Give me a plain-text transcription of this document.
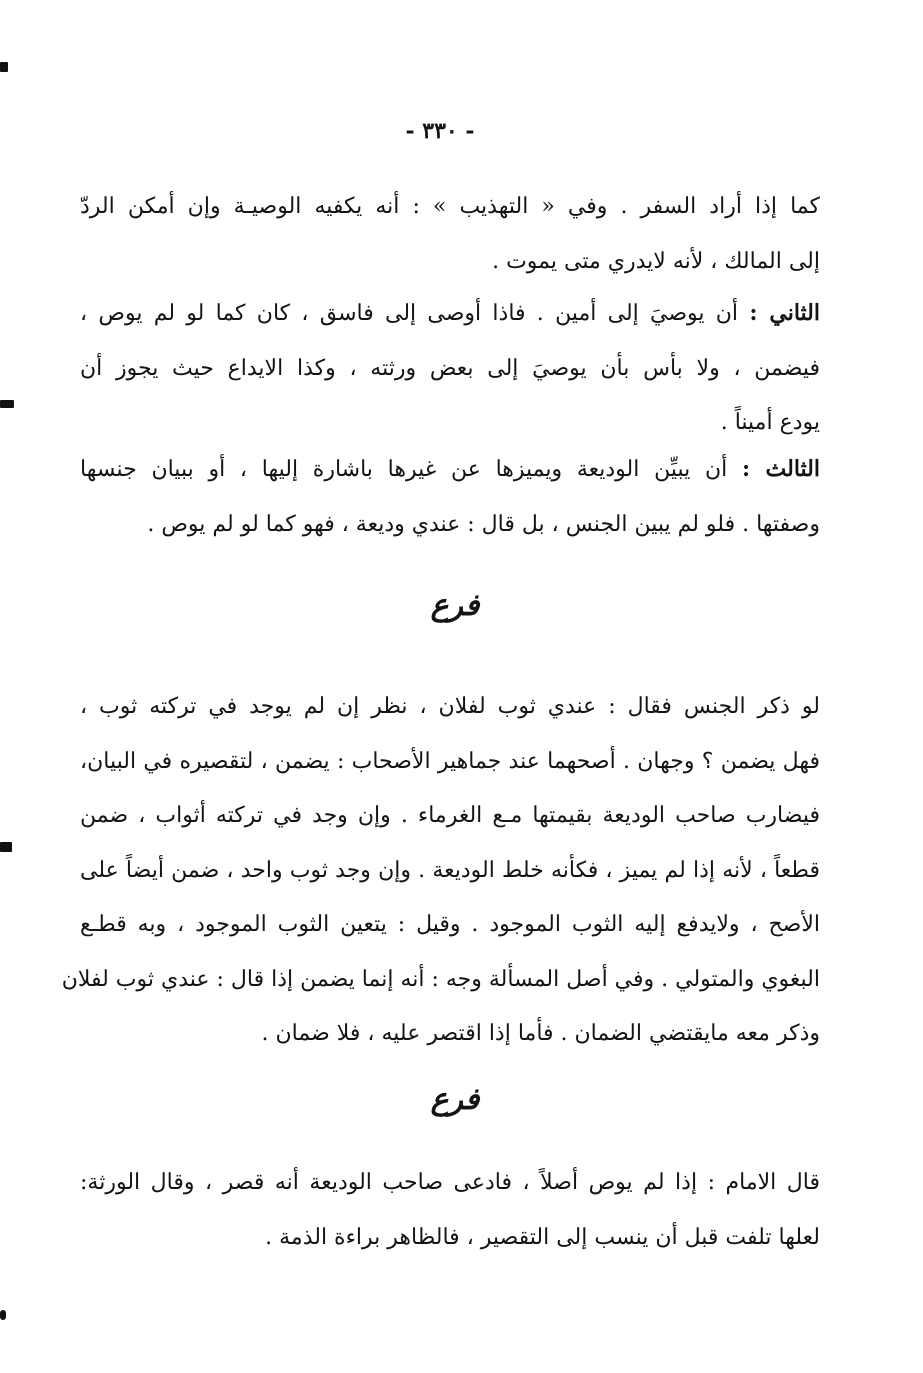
- ٣٣٠ -
كما إذا أراد السفر . وفي « التهذيب » : أنه يكفيه الوصيـة وإن أمكن الردّ
إلى المالك ، لأنه لايدري متى يموت .
الثاني : أن يوصيَ إلى أمين . فاذا أوصى إلى فاسق ، كان كما لو لم يوص ،
فيضمن ، ولا بأس بأن يوصيَ إلى بعض ورثته ، وكذا الايداع حيث يجوز أن
يودع أميناً .
الثالث : أن يبيِّن الوديعة ويميزها عن غيرها باشارة إليها ، أو ببيان جنسها
وصفتها . فلو لم يبين الجنس ، بل قال : عندي وديعة ، فهو كما لو لم يوص .
فرع
لو ذكر الجنس فقال : عندي ثوب لفلان ، نظر إن لم يوجد في تركته ثوب ،
فهل يضمن ؟ وجهان . أصحهما عند جماهير الأصحاب : يضمن ، لتقصيره في البيان،
فيضارب صاحب الوديعة بقيمتها مـع الغرماء . وإن وجد في تركته أثواب ، ضمن
قطعاً ، لأنه إذا لم يميز ، فكأنه خلط الوديعة . وإن وجد ثوب واحد ، ضمن أيضاً على
الأصح ، ولايدفع إليه الثوب الموجود . وقيل : يتعين الثوب الموجود ، وبه قطـع
البغوي والمتولي . وفي أصل المسألة وجه : أنه إنما يضمن إذا قال : عندي ثوب لفلان
وذكر معه مايقتضي الضمان . فأما إذا اقتصر عليه ، فلا ضمان .
فرع
قال الامام : إذا لم يوص أصلاً ، فادعى صاحب الوديعة أنه قصر ، وقال الورثة:
لعلها تلفت قبل أن ينسب إلى التقصير ، فالظاهر براءة الذمة .
